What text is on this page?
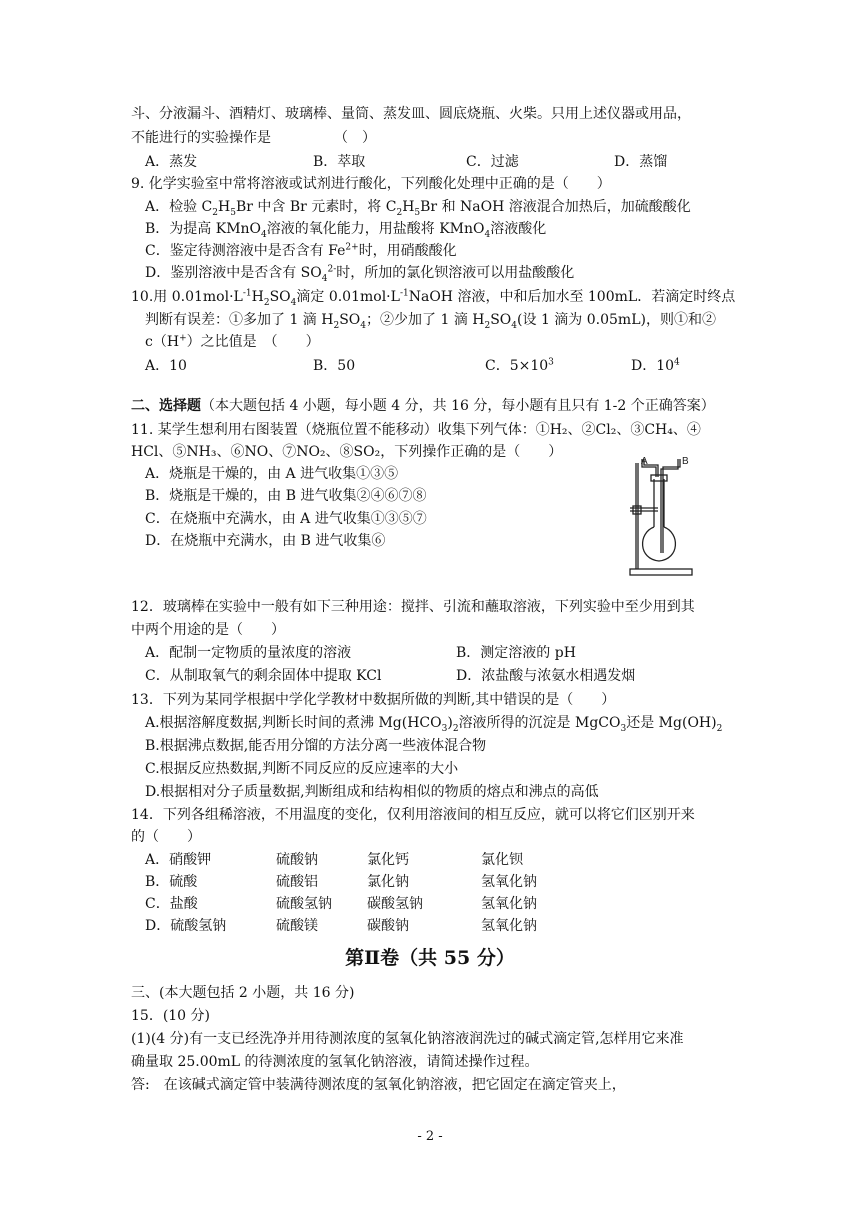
斗、分液漏斗、酒精灯、玻璃棒、量筒、蒸发皿、圆底烧瓶、火柴。只用上述仪器或用品，
不能进行的实验操作是　　　　　（　）
A．蒸发	B．萃取	C．过滤	D．蒸馏
9. 化学实验室中常将溶液或试剂进行酸化，下列酸化处理中正确的是（　　）
A．检验 $C_2H_5Br$ 中含 Br 元素时，将 $C_2H_5Br$ 和 NaOH 溶液混合加热后，加硫酸酸化
B．为提高 KMnO$_4$溶液的氧化能力，用盐酸将 KMnO$_4$溶液酸化
C．鉴定待测溶液中是否含有 $Fe^{2+}$时，用硝酸酸化
D．鉴别溶液中是否含有 $SO_4^{2-}$时，所加的氯化钡溶液可以用盐酸酸化
10.用 $0.01mol\cdot L^{-1}H_2SO_4$滴定 $0.01mol\cdot L^{-1}NaOH$ 溶液，中和后加水至 100mL．若滴定时终点
判断有误差：①多加了 1 滴 $H_2SO_4$；②少加了 1 滴 $H_2SO_4$(设 1 滴为 0.05mL)，则①和②
c（H+）之比值是　（　　）
A．10	B．50	C．$5\times 10^3$	D．$10^4$
二、选择题（本大题包括 4 小题，每小题 4 分，共 16 分，每小题有且只有 1-2 个正确答案）
11. 某学生想利用右图装置（烧瓶位置不能移动）收集下列气体：①H₂、②Cl₂、③CH₄、④
HCl、⑤NH₃、⑥NO、⑦NO₂、⑧SO₂，下列操作正确的是（　　）
A．烧瓶是干燥的，由 A 进气收集①③⑤
B．烧瓶是干燥的，由 B 进气收集②④⑥⑦⑧
C．在烧瓶中充满水，由 A 进气收集①③⑤⑦
D．在烧瓶中充满水，由 B 进气收集⑥
A	B
12．玻璃棒在实验中一般有如下三种用途：搅拌、引流和蘸取溶液，下列实验中至少用到其
中两个用途的是（　　）
A．配制一定物质的量浓度的溶液	B．测定溶液的 pH
C．从制取氧气的剩余固体中提取 KCl	D．浓盐酸与浓氨水相遇发烟
13．下列为某同学根据中学化学教材中数据所做的判断,其中错误的是（　　）
A.根据溶解度数据,判断长时间的煮沸 $Mg(HCO_3)_2$溶液所得的沉淀是 MgCO$_3$还是 $Mg(OH)_2$
B.根据沸点数据,能否用分馏的方法分离一些液体混合物
C.根据反应热数据,判断不同反应的反应速率的大小
D.根据相对分子质量数据,判断组成和结构相似的物质的熔点和沸点的高低
14．下列各组稀溶液，不用温度的变化，仅利用溶液间的相互反应，就可以将它们区别开来
的（　　）
A．硝酸钾	硫酸钠	氯化钙	氯化钡
B．硫酸	硫酸铝	氯化钠	氢氧化钠
C．盐酸	硫酸氢钠	碳酸氢钠	氢氧化钠
D．硫酸氢钠	硫酸镁	碳酸钠	氢氧化钠
第Ⅱ卷（共 55 分）
三、(本大题包括 2 小题，共 16 分)
15．(10 分)
(1)(4 分)有一支已经洗净并用待测浓度的氢氧化钠溶液润洗过的碱式滴定管,怎样用它来准
确量取 25.00mL 的待测浓度的氢氧化钠溶液，请简述操作过程。
答:　在该碱式滴定管中装满待测浓度的氢氧化钠溶液，把它固定在滴定管夹上，
- 2 -
